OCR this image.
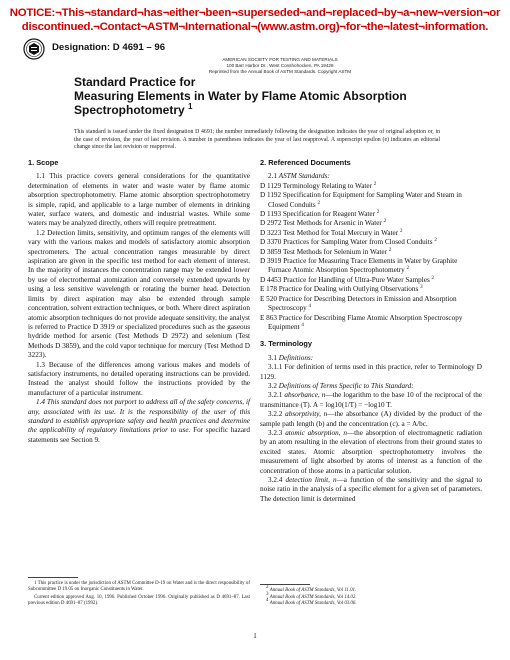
NOTICE:¬This¬standard¬has¬either¬been¬superseded¬and¬replaced¬by¬a¬new¬version¬or
discontinued.¬Contact¬ASTM¬International¬(www.astm.org)¬for¬the¬latest¬information.
Designation: D 4691 – 96
AMERICAN SOCIETY FOR TESTING AND MATERIALS
100 Barr Harbor Dr., West Conshohocken, PA 19428
Reprinted from the Annual Book of ASTM Standards. Copyright ASTM
Standard Practice for
Measuring Elements in Water by Flame Atomic Absorption
Spectrophotometry $^1$
This standard is issued under the fixed designation D 4691; the number immediately following the designation indicates the year of original adoption or, in the case of revision, the year of last revision. A number in parentheses indicates the year of last reapproval. A superscript epsilon (e) indicates an editorial change since the last revision or reapproval.
1. Scope

1.1 This practice covers general considerations for the quantitative determination of elements in water and waste water by flame atomic absorption spectrophotometry. Flame atomic absorption spectrophotometry is simple, rapid, and applicable to a large number of elements in drinking water, surface waters, and domestic and industrial wastes. While some waters may be analyzed directly, others will require pretreatment.

1.2 Detection limits, sensitivity, and optimum ranges of the elements will vary with the various makes and models of satisfactory atomic absorption spectrometers. The actual concentration ranges measurable by direct aspiration are given in the specific test method for each element of interest. In the majority of instances the concentration range may be extended lower by use of electrothermal atomization and conversely extended upwards by using a less sensitive wavelength or rotating the burner head. Detection limits by direct aspiration may also be extended through sample concentration, solvent extraction techniques, or both. Where direct aspiration atomic absorption techniques do not provide adequate sensitivity, the analyst is referred to Practice D 3919 or specialized procedures such as the gaseous hydride method for arsenic (Test Methods D 2972) and selenium (Test Methods D 3859), and the cold vapor technique for mercury (Test Method D 3223).

1.3 Because of the differences among various makes and models of satisfactory instruments, no detailed operating instructions can be provided. Instead the analyst should follow the instructions provided by the manufacturer of a particular instrument.

1.4 This standard does not purport to address all of the safety concerns, if any, associated with its use. It is the responsibility of the user of this standard to establish appropriate safety and health practices and determine the applicability of regulatory limitations prior to use. For specific hazard statements see Section 9.

2. Referenced Documents

2.1 ASTM Standards:

D 1129 Terminology Relating to Water $^2$

D 1192 Specification for Equipment for Sampling Water and Steam in Closed Conduits $^2$

D 1193 Specification for Reagent Water $^2$

D 2972 Test Methods for Arsenic in Water $^2$

D 3223 Test Method for Total Mercury in Water $^2$

D 3370 Practices for Sampling Water from Closed Conduits $^2$

D 3859 Test Methods for Selenium in Water $^2$

D 3919 Practice for Measuring Trace Elements in Water by Graphite Furnace Atomic Absorption Spectrophotometry $^2$

D 4453 Practice for Handling of Ultra-Pure Water Samples $^2$

E 178 Practice for Dealing with Outlying Observations $^3$

E 520 Practice for Describing Detectors in Emission and Absorption Spectroscopy $^4$

E 863 Practice for Describing Flame Atomic Absorption Spectroscopy Equipment $^4$

3. Terminology

3.1 Definitions:

3.1.1 For definition of terms used in this practice, refer to Terminology D 1129.

3.2 Definitions of Terms Specific to This Standard:

3.2.1 absorbance, n—the logarithm to the base 10 of the reciprocal of the transmittance (T). A = log10(1/T) = −log10 T.

3.2.2 absorptivity, n—the absorbance (A) divided by the product of the sample path length (b) and the concentration (c). a = A/bc.

3.2.3 atomic absorption, n—the absorption of electromagnetic radiation by an atom resulting in the elevation of electrons from their ground states to excited states. Atomic absorption spectrophotometry involves the measurement of light absorbed by atoms of interest as a function of the concentration of those atoms in a particular solution.

3.2.4 detection limit, n—a function of the sensitivity and the signal to noise ratio in the analysis of a specific element for a given set of parameters. The detection limit is determined

1 This practice is under the jurisdiction of ASTM Committee D-19 on Water and is the direct responsibility of Subcommittee D 19.05 on Inorganic Constituents in Water.

Current edition approved Aug. 10, 1996. Published October 1996. Originally published as D 4691–87. Last previous edition D 4691–87 (1992).

$^2$ Annual Book of ASTM Standards, Vol 11.01.

$^3$ Annual Book of ASTM Standards, Vol 14.02.

$^4$ Annual Book of ASTM Standards, Vol 03.06.

1
